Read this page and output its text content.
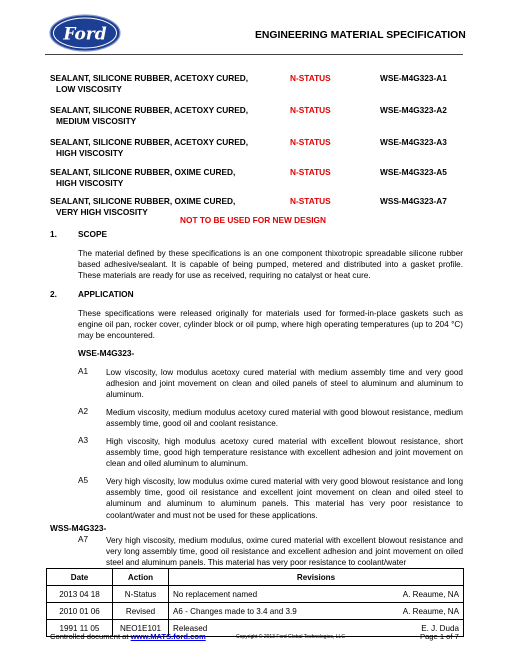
Ford	ENGINEERING MATERIAL SPECIFICATION
SEALANT, SILICONE RUBBER, ACETOXY CURED,
LOW VISCOSITY
N-STATUS	WSE-M4G323-A1
SEALANT, SILICONE RUBBER, ACETOXY CURED,
MEDIUM VISCOSITY
N-STATUS	WSE-M4G323-A2
SEALANT, SILICONE RUBBER, ACETOXY CURED,
HIGH VISCOSITY
N-STATUS	WSE-M4G323-A3
SEALANT, SILICONE RUBBER, OXIME CURED,
HIGH VISCOSITY
N-STATUS	WSE-M4G323-A5
SEALANT, SILICONE RUBBER, OXIME CURED,
VERY HIGH VISCOSITY
N-STATUS	WSS-M4G323-A7
NOT TO BE USED FOR NEW DESIGN
1.	SCOPE
The material defined by these specifications is an one component thixotropic spreadable silicone rubber based adhesive/sealant. It is capable of being pumped, metered and distributed into a gasket profile. These materials are ready for use as received, requiring no catalyst or heat cure.
2.	APPLICATION
These specifications were released originally for materials used for formed-in-place gaskets such as engine oil pan, rocker cover, cylinder block or oil pump, where high operating temperatures (up to 204 °C) may be encountered.
WSE-M4G323-
A1 Low viscosity, low modulus acetoxy cured material with medium assembly time and very good adhesion and joint movement on clean and oiled panels of steel to aluminum and aluminum to aluminum.
A2 Medium viscosity, medium modulus acetoxy cured material with good blowout resistance, medium assembly time, good oil and coolant resistance.
A3 High viscosity, high modulus acetoxy cured material with excellent blowout resistance, short assembly time, good high temperature resistance with excellent adhesion and joint movement on clean and oiled aluminum to aluminum.
A5 Very high viscosity, low modulus oxime cured material with very good blowout resistance and long assembly time, good oil resistance and excellent joint movement on clean and oiled steel to aluminum and aluminum to aluminum panels. This material has very poor resistance to coolant/water and must not be used for these applications.
WSS-M4G323-
A7 Very high viscosity, medium modulus, oxime cured material with excellent blowout resistance and very long assembly time, good oil resistance and excellent adhesion and joint movement on oiled steel and aluminum panels. This material has very poor resistance to coolant/water
Date	Action	Revisions	
2013 04 18	N-Status	No replacement named	A. Reaume, NA
2010 01 06	Revised	A6 - Changes made to 3.4 and 3.9	A. Reaume, NA
1991 11 05	NEO1E101	Released	E. J. Duda
Controlled document at www.MATS.ford.com	Copyright © 2013 Ford Global Technologies, LLC	Page 1 of 7
